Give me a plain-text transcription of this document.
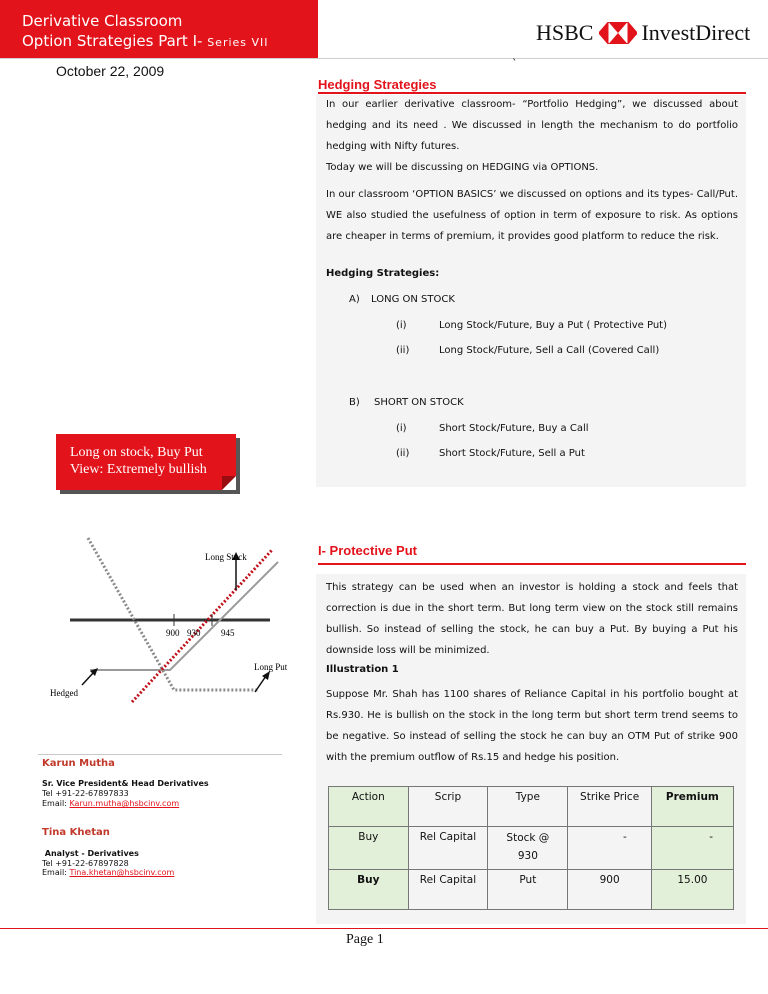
Derivative Classroom
Option Strategies Part I- Series VII	HSBC InvestDirect
October 22, 2009	`
Hedging Strategies
In our earlier derivative classroom- “Portfolio Hedging”, we discussed about hedging and its need . We discussed in length the mechanism to do portfolio hedging with Nifty futures.
Today we will be discussing on HEDGING via OPTIONS.
In our classroom ‘OPTION BASICS’ we discussed on options and its types- Call/Put. WE also studied the usefulness of option in term of exposure to risk. As options are cheaper in terms of premium, it provides good platform to reduce the risk.
Hedging Strategies:
A) LONG ON STOCK
(i)	Long Stock/Future, Buy a Put ( Protective Put)
(ii)	Long Stock/Future, Sell a Call (Covered Call)
B) SHORT ON STOCK
(i)	Short Stock/Future, Buy a Call
(ii)	Short Stock/Future, Sell a Put
Long on stock, Buy Put
View: Extremely bullish
900 930 945
Long Stock
Long Put
Hedged
I- Protective Put
This strategy can be used when an investor is holding a stock and feels that correction is due in the short term. But long term view on the stock still remains bullish. So instead of selling the stock, he can buy a Put. By buying a Put his downside loss will be minimized.
Illustration 1
Suppose Mr. Shah has 1100 shares of Reliance Capital in his portfolio bought at Rs.930. He is bullish on the stock in the long term but short term trend seems to be negative. So instead of selling the stock he can buy an OTM Put of strike 900 with the premium outflow of Rs.15 and hedge his position.
Action	Scrip	Type	Strike Price	Premium
Buy	Rel Capital	Stock @ 930	-	-
Buy	Rel Capital	Put	900	15.00
Karun Mutha
Sr. Vice President& Head Derivatives
Tel +91-22-67897833
Email: Karun.mutha@hsbcinv.com
Tina Khetan
Analyst - Derivatives
Tel +91-22-67897828
Email: Tina.khetan@hsbcinv.com
Page 1
